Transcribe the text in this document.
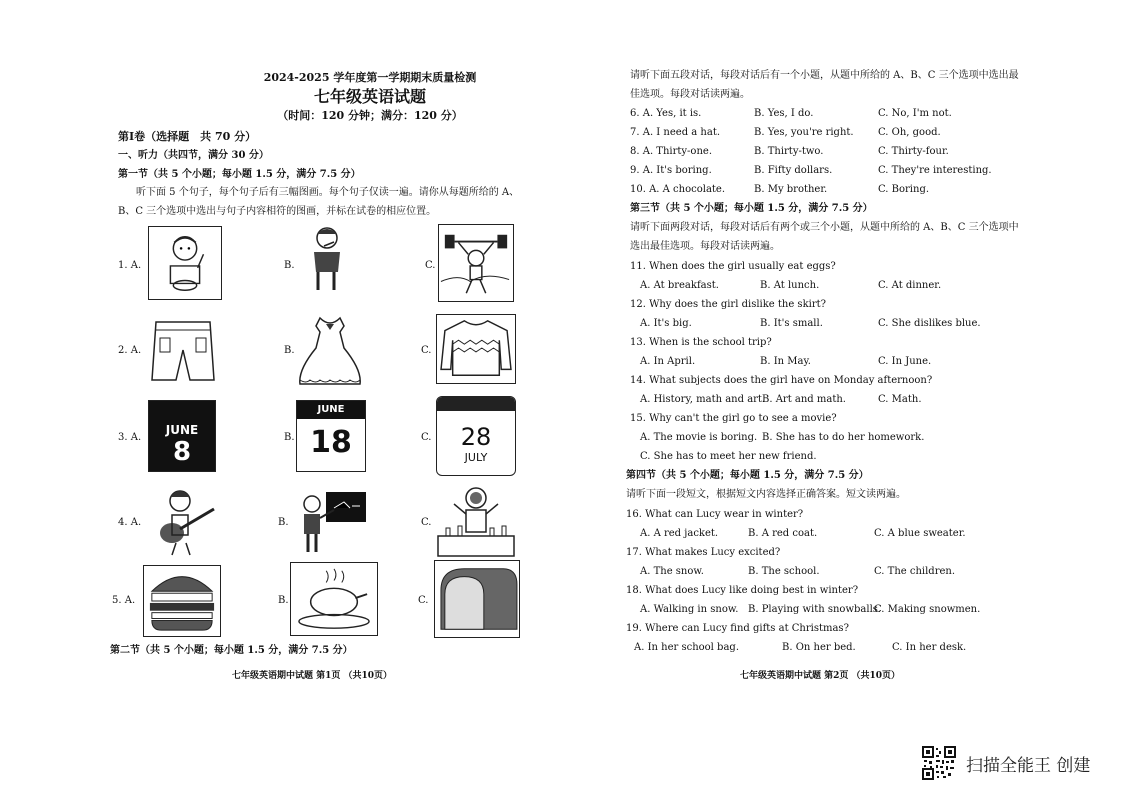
2024-2025 学年度第一学期期末质量检测
七年级英语试题
（时间：120 分钟；满分：120 分）
第Ⅰ卷（选择题　共 70 分）
一、听力（共四节，满分 30 分）
第一节（共 5 个小题；每小题 1.5 分，满分 7.5 分）
听下面 5 个句子，每个句子后有三幅图画。每个句子仅读一遍。请你从每题所给的 A、
B、C 三个选项中选出与句子内容相符的图画，并标在试卷的相应位置。
1. A.	B.	C.
2. A.	B.	C.
3. A.
JUNE
8	B.
JUNE
18	C.	28
JULY
4. A.	B.	C.
5. A.	B.	C.
第二节（共 5 个小题；每小题 1.5 分，满分 7.5 分）
七年级英语期中试题 第1页 （共10页）
请听下面五段对话，每段对话后有一个小题，从题中所给的 A、B、C 三个选项中选出最
佳选项。每段对话读两遍。
6. A. Yes, it is.	B. Yes, I do.	C. No, I'm not.
7. A. I need a hat.	B. Yes, you're right. C. Oh, good.
8. A. Thirty-one.	B. Thirty-two.	C. Thirty-four.
9. A. It's boring.	B. Fifty dollars.	C. They're interesting.
10. A. A chocolate.	B. My brother.	C. Boring.
第三节（共 5 个小题；每小题 1.5 分，满分 7.5 分）
请听下面两段对话，每段对话后有两个或三个小题，从题中所给的 A、B、C 三个选项中
选出最佳选项。每段对话读两遍。
11. When does the girl usually eat eggs?
A. At breakfast.	B. At lunch.	C. At dinner.
12. Why does the girl dislike the skirt?
A. It's big.	B. It's small.	C. She dislikes blue.
13. When is the school trip?
A. In April.	B. In May.	C. In June.
14. What subjects does the girl have on Monday afternoon?
A. History, math and art.
B. Art and math.	C. Math.
15. Why can't the girl go to see a movie?
A. The movie is boring. B. She has to do her homework.
C. She has to meet her new friend.
第四节（共 5 个小题；每小题 1.5 分，满分 7.5 分）
请听下面一段短文，根据短文内容选择正确答案。短文读两遍。
16. What can Lucy wear in winter?
A. A red jacket.	B. A red coat.	C. A blue sweater.
17. What makes Lucy excited?
A. The snow.	B. The school.	C. The children.
18. What does Lucy like doing best in winter?
A. Walking in snow. B. Playing with snowballs.
C. Making snowmen.
19. Where can Lucy find gifts at Christmas?
A. In her school bag.	B. On her bed.	C. In her desk.
七年级英语期中试题 第2页 （共10页）
扫描全能王 创建
